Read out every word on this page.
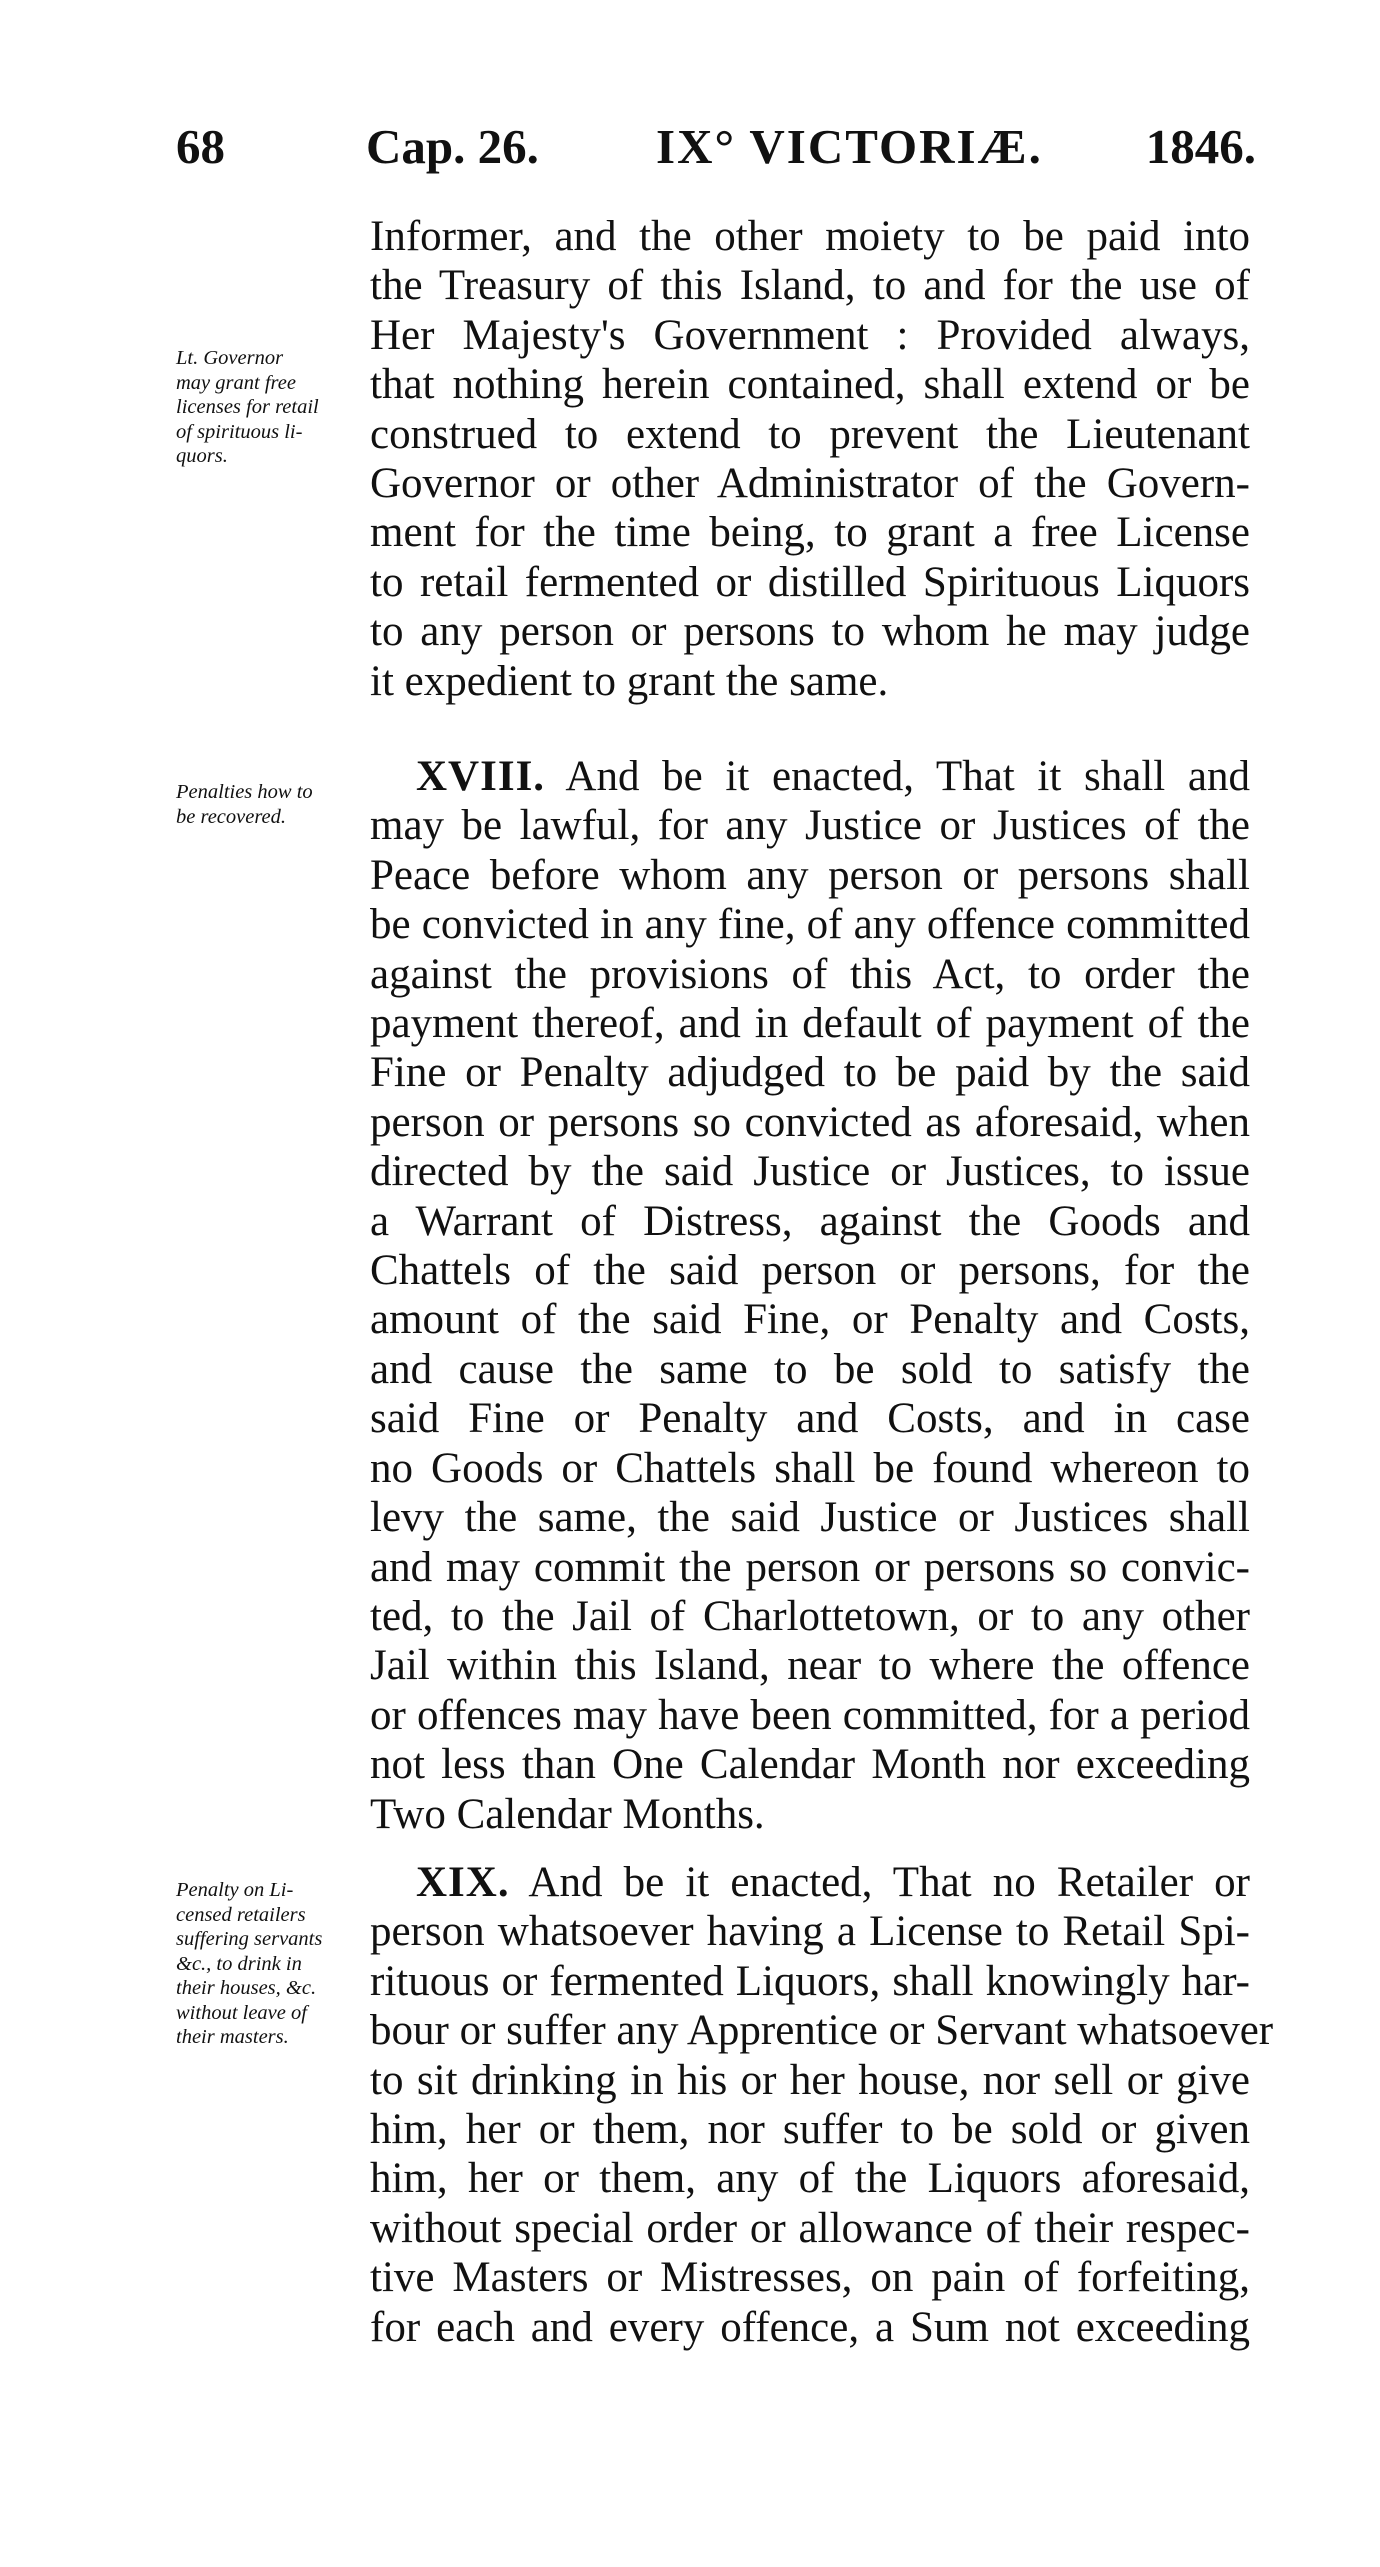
68	Cap. 26. IX° VICTORIÆ. 1846.
Lt. Governor
may grant free
licenses for retail
of spirituous li-
quors.
Penalties how to
be recovered.
Penalty on Li-
censed retailers
suffering servants
&c., to drink in
their houses, &c.
without leave of
their masters.
Informer, and the other moiety to be paid into
the Treasury of this Island, to and for the use of
Her Majesty's Government : Provided always,
that nothing herein contained, shall extend or be
construed to extend to prevent the Lieutenant
Governor or other Administrator of the Govern-
ment for the time being, to grant a free License
to retail fermented or distilled Spirituous Liquors
to any person or persons to whom he may judge
it expedient to grant the same.
XVIII. And be it enacted, That it shall and
may be lawful, for any Justice or Justices of the
Peace before whom any person or persons shall
be convicted in any fine, of any offence committed
against the provisions of this Act, to order the
payment thereof, and in default of payment of the
Fine or Penalty adjudged to be paid by the said
person or persons so convicted as aforesaid, when
directed by the said Justice or Justices, to issue
a Warrant of Distress, against the Goods and
Chattels of the said person or persons, for the
amount of the said Fine, or Penalty and Costs,
and cause the same to be sold to satisfy the
said Fine or Penalty and Costs, and in case
no Goods or Chattels shall be found whereon to
levy the same, the said Justice or Justices shall
and may commit the person or persons so convic-
ted, to the Jail of Charlottetown, or to any other
Jail within this Island, near to where the offence
or offences may have been committed, for a period
not less than One Calendar Month nor exceeding
Two Calendar Months.
XIX. And be it enacted, That no Retailer or
person whatsoever having a License to Retail Spi-
rituous or fermented Liquors, shall knowingly har-
bour or suffer any Apprentice or Servant whatsoever
to sit drinking in his or her house, nor sell or give
him, her or them, nor suffer to be sold or given
him, her or them, any of the Liquors aforesaid,
without special order or allowance of their respec-
tive Masters or Mistresses, on pain of forfeiting,
for each and every offence, a Sum not exceeding
